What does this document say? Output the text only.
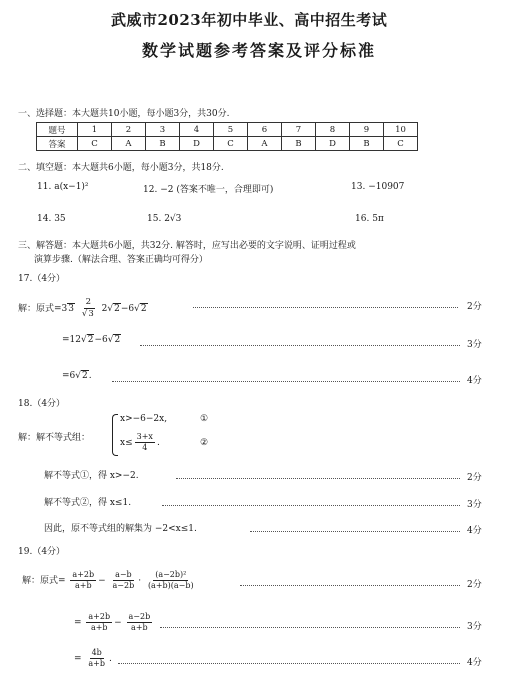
武威市2023年初中毕业、高中招生考试
数学试题参考答案及评分标准
一、选择题：本大题共10小题，每小题3分，共30分.
题号	1	2	3	4	5	6	7	8	9	10
答案	C	A	B	D	C	A	B	D	B	C
二、填空题：本大题共6小题，每小题3分，共18分.
11. a(x−1)²	12. −2 (答案不唯一，合理即可)	13. −10907
14. 35	15. 2√3	16. 5π
三、解答题：本大题共6小题，共32分. 解答时，应写出必要的文字说明、证明过程或
演算步骤.（解法合理、答案正确均可得分）
17.（4分）
解：原式$=33 \frac{2}{√3} 2√2-6√2$	2分
=12√2−6√2	3分
=6√2.	4分
18.（4分）
解：解不等式组：
x>−6−2x,	①
$x\le \frac{3+x}{4}$ .	②
解不等式①，得 x>−2.	2分
解不等式②，得 x≤1.	3分
因此，原不等式组的解集为 −2<x≤1.	4分
19.（4分）
解：原式= $\frac{a+2b}{a+b} - \frac{a-b}{a-2b} \cdot \frac{\text{(a−2b)²}}{(a+b)(a-b)}$	2分
= $\frac{a+2b}{a+b} - \frac{a-2b}{a+b}$	3分
= $\frac{4b}{a+b}$ .	4分
